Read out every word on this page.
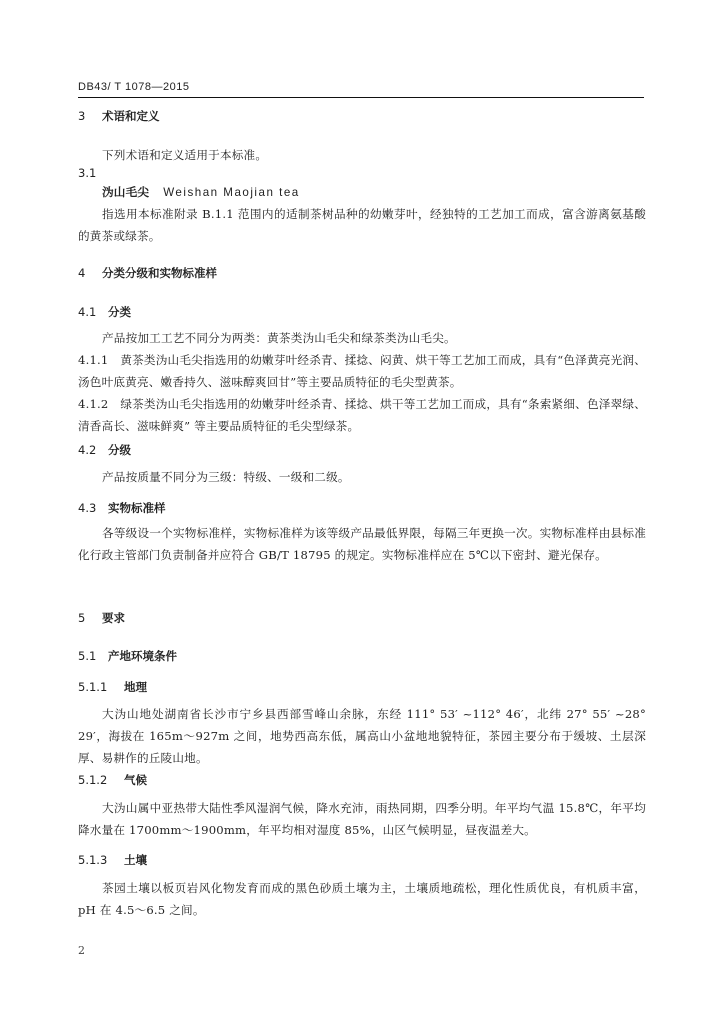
DB43/ T 1078—2015
3 术语和定义

下列术语和定义适用于本标准。

3.1
沩山毛尖 Weishan Maojian tea

指选用本标准附录 B.1.1 范围内的适制茶树品种的幼嫩芽叶，经独特的工艺加工而成，富含游离氨基酸的黄茶或绿茶。

4 分类分级和实物标准样
4.1 分类

产品按加工工艺不同分为两类：黄茶类沩山毛尖和绿茶类沩山毛尖。

4.1.1　黄茶类沩山毛尖指选用的幼嫩芽叶经杀青、揉捻、闷黄、烘干等工艺加工而成，具有“色泽黄亮光润、汤色叶底黄亮、嫩香持久、滋味醇爽回甘”等主要品质特征的毛尖型黄茶。

4.1.2　绿茶类沩山毛尖指选用的幼嫩芽叶经杀青、揉捻、烘干等工艺加工而成，具有“条索紧细、色泽翠绿、清香高长、滋味鲜爽” 等主要品质特征的毛尖型绿茶。

4.2 分级

产品按质量不同分为三级：特级、一级和二级。

4.3 实物标准样

各等级设一个实物标准样，实物标准样为该等级产品最低界限，每隔三年更换一次。实物标准样由县标准化行政主管部门负责制备并应符合 GB/T 18795 的规定。实物标准样应在 5℃以下密封、避光保存。

5 要求
5.1 产地环境条件
5.1.1 地理

大沩山地处湖南省长沙市宁乡县西部雪峰山余脉，东经 111° 53′ ~112° 46′，北纬 27° 55′ ~28° 29′，海拔在 165m～927m 之间，地势西高东低，属高山小盆地地貌特征，茶园主要分布于缓坡、土层深厚、易耕作的丘陵山地。

5.1.2 气候

大沩山属中亚热带大陆性季风湿润气候，降水充沛，雨热同期，四季分明。年平均气温 15.8℃，年平均降水量在 1700mm～1900mm，年平均相对湿度 85%，山区气候明显，昼夜温差大。

5.1.3 土壤

茶园土壤以板页岩风化物发育而成的黑色砂质土壤为主，土壤质地疏松，理化性质优良，有机质丰富，pH 在 4.5～6.5 之间。

2
